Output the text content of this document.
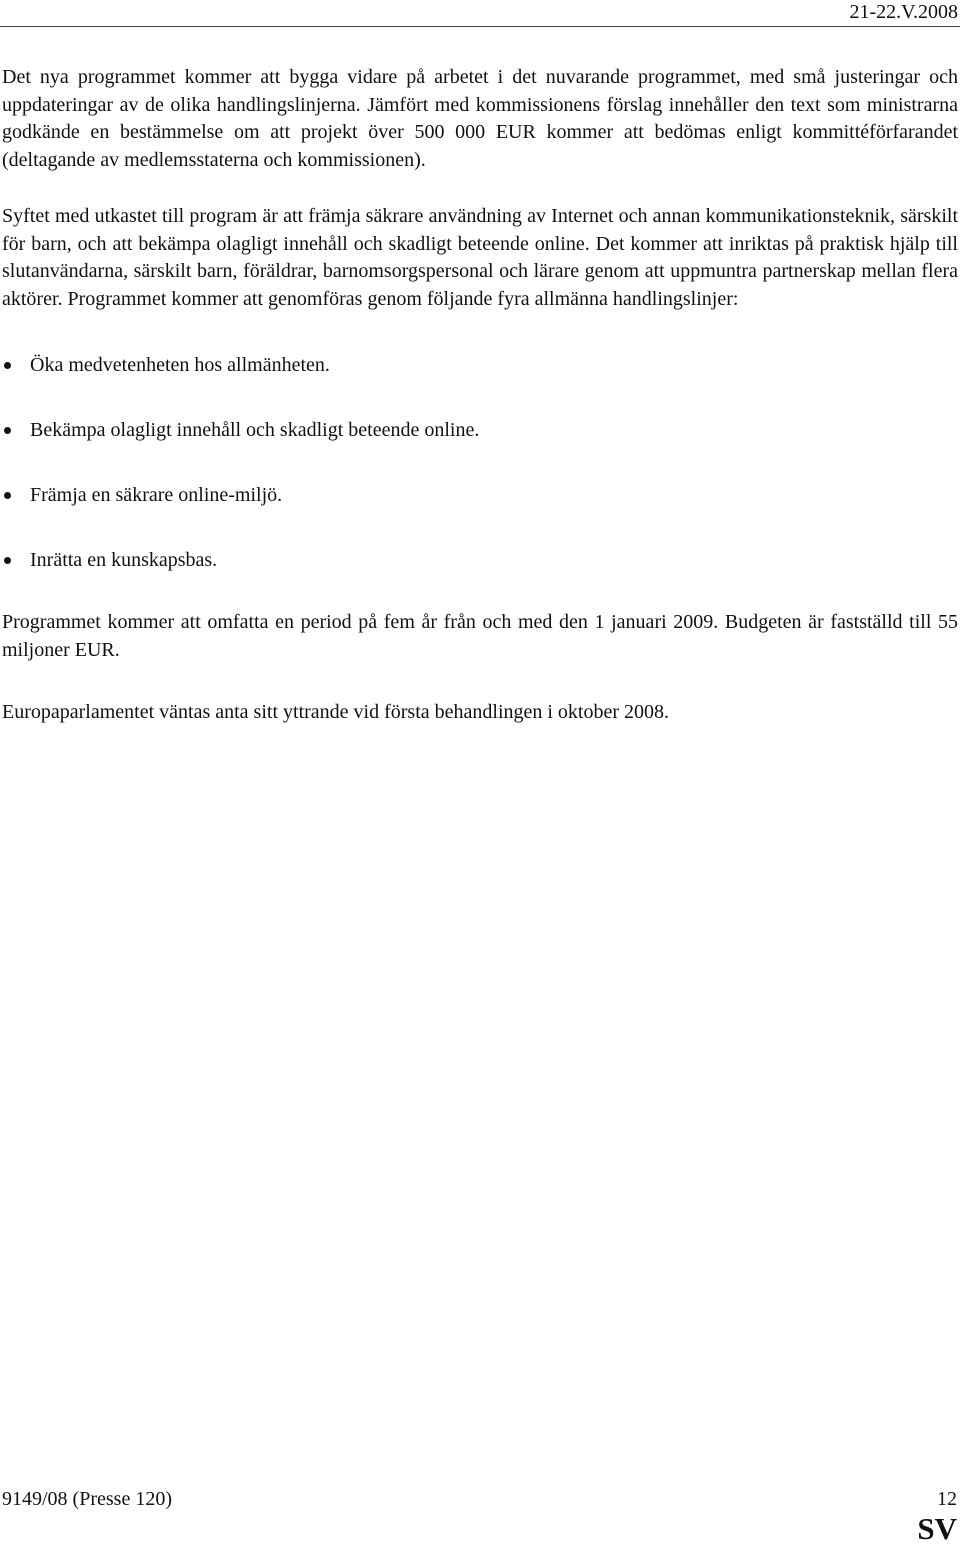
21-22.V.2008

Det nya programmet kommer att bygga vidare på arbetet i det nuvarande programmet, med små justeringar och uppdateringar av de olika handlingslinjerna. Jämfört med kommissionens förslag innehåller den text som ministrarna godkände en bestämmelse om att projekt över 500 000 EUR kommer att bedömas enligt kommittéförfarandet (deltagande av medlemsstaterna och kommissionen).

Syftet med utkastet till program är att främja säkrare användning av Internet och annan kommunikationsteknik, särskilt för barn, och att bekämpa olagligt innehåll och skadligt beteende online. Det kommer att inriktas på praktisk hjälp till slutanvändarna, särskilt barn, föräldrar, barnomsorgspersonal och lärare genom att uppmuntra partnerskap mellan flera aktörer. Programmet kommer att genomföras genom följande fyra allmänna handlingslinjer:

Öka medvetenheten hos allmänheten.
Bekämpa olagligt innehåll och skadligt beteende online.
Främja en säkrare online-miljö.
Inrätta en kunskapsbas.

Programmet kommer att omfatta en period på fem år från och med den 1 januari 2009. Budgeten är fastställd till 55 miljoner EUR.

Europaparlamentet väntas anta sitt yttrande vid första behandlingen i oktober 2008.

9149/08 (Presse 120)	12
SV
